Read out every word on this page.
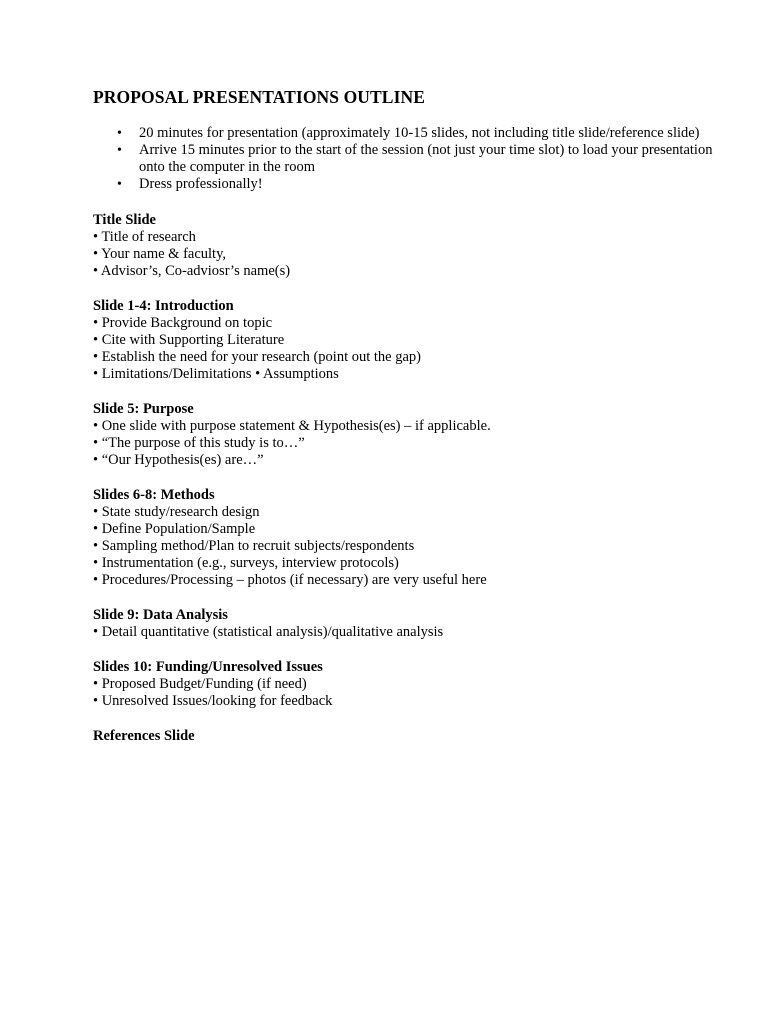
PROPOSAL PRESENTATIONS OUTLINE
• 20 minutes for presentation (approximately 10-15 slides, not including title slide/reference slide)
• Arrive 15 minutes prior to the start of the session (not just your time slot) to load your presentation onto the computer in the room
• Dress professionally!

Title Slide

• Title of research

• Your name & faculty,

• Advisor’s, Co-adviosr’s name(s)

Slide 1-4: Introduction

• Provide Background on topic

• Cite with Supporting Literature

• Establish the need for your research (point out the gap)

• Limitations/Delimitations • Assumptions

Slide 5: Purpose

• One slide with purpose statement & Hypothesis(es) – if applicable.

• “The purpose of this study is to…”

• “Our Hypothesis(es) are…”

Slides 6-8: Methods

• State study/research design

• Define Population/Sample

• Sampling method/Plan to recruit subjects/respondents

• Instrumentation (e.g., surveys, interview protocols)

• Procedures/Processing – photos (if necessary) are very useful here

Slide 9: Data Analysis

• Detail quantitative (statistical analysis)/qualitative analysis

Slides 10: Funding/Unresolved Issues

• Proposed Budget/Funding (if need)

• Unresolved Issues/looking for feedback

References Slide
